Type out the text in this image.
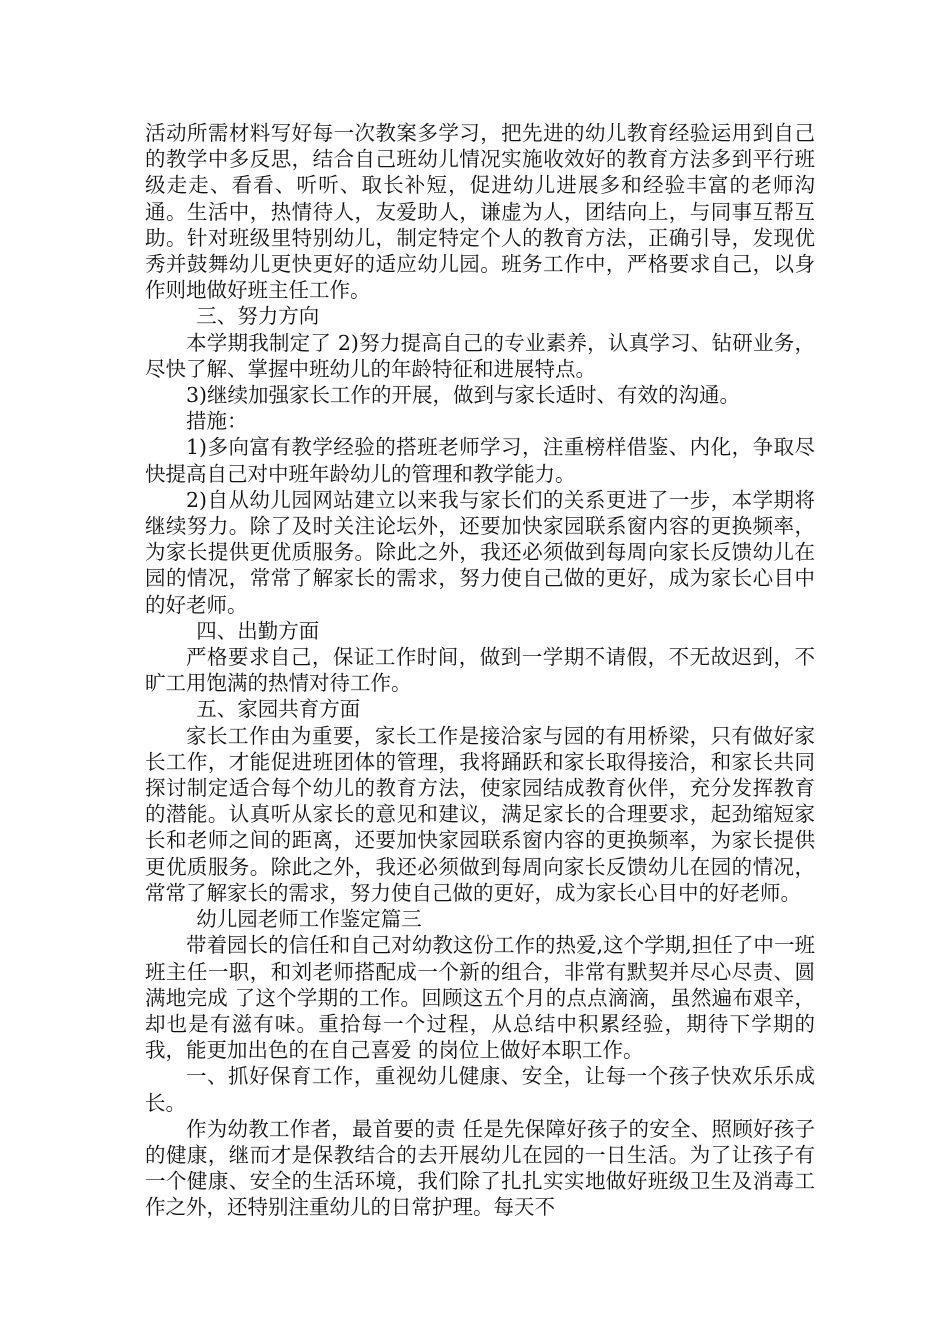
活动所需材料写好每一次教案多学习，把先进的幼儿教育经验运用到自己的教学中多反思，结合自己班幼儿情况实施收效好的教育方法多到平行班级走走、看看、听听、取长补短，促进幼儿进展多和经验丰富的老师沟通。生活中，热情待人，友爱助人，谦虚为人，团结向上，与同事互帮互助。针对班级里特别幼儿，制定特定个人的教育方法，正确引导，发现优秀并鼓舞幼儿更快更好的适应幼儿园。班务工作中，严格要求自己，以身作则地做好班主任工作。

三、努力方向

本学期我制定了 2)努力提高自己的专业素养，认真学习、钻研业务，尽快了解、掌握中班幼儿的年龄特征和进展特点。

3)继续加强家长工作的开展，做到与家长适时、有效的沟通。

措施：

1)多向富有教学经验的搭班老师学习，注重榜样借鉴、内化，争取尽快提高自己对中班年龄幼儿的管理和教学能力。

2)自从幼儿园网站建立以来我与家长们的关系更进了一步，本学期将继续努力。除了及时关注论坛外，还要加快家园联系窗内容的更换频率，为家长提供更优质服务。除此之外，我还必须做到每周向家长反馈幼儿在园的情况，常常了解家长的需求，努力使自己做的更好，成为家长心目中的好老师。

四、出勤方面

严格要求自己，保证工作时间，做到一学期不请假，不无故迟到，不旷工用饱满的热情对待工作。

五、家园共育方面

家长工作由为重要，家长工作是接洽家与园的有用桥梁，只有做好家长工作，才能促进班团体的管理，我将踊跃和家长取得接洽，和家长共同探讨制定适合每个幼儿的教育方法，使家园结成教育伙伴，充分发挥教育的潜能。认真听从家长的意见和建议，满足家长的合理要求，起劲缩短家长和老师之间的距离，还要加快家园联系窗内容的更换频率，为家长提供更优质服务。除此之外，我还必须做到每周向家长反馈幼儿在园的情况，常常了解家长的需求，努力使自己做的更好，成为家长心目中的好老师。

幼儿园老师工作鉴定篇三

带着园长的信任和自己对幼教这份工作的热爱,这个学期,担任了中一班班主任一职，和刘老师搭配成一个新的组合，非常有默契并尽心尽责、圆满地完成 了这个学期的工作。回顾这五个月的点点滴滴，虽然遍布艰辛，却也是有滋有味。重拾每一个过程，从总结中积累经验，期待下学期的我，能更加出色的在自己喜爱 的岗位上做好本职工作。

一、抓好保育工作，重视幼儿健康、安全，让每一个孩子快欢乐乐成长。

作为幼教工作者，最首要的责 任是先保障好孩子的安全、照顾好孩子的健康，继而才是保教结合的去开展幼儿在园的一日生活。为了让孩子有一个健康、安全的生活环境，我们除了扎扎实实地做好班级卫生及消毒工作之外，还特别注重幼儿的日常护理。每天不
